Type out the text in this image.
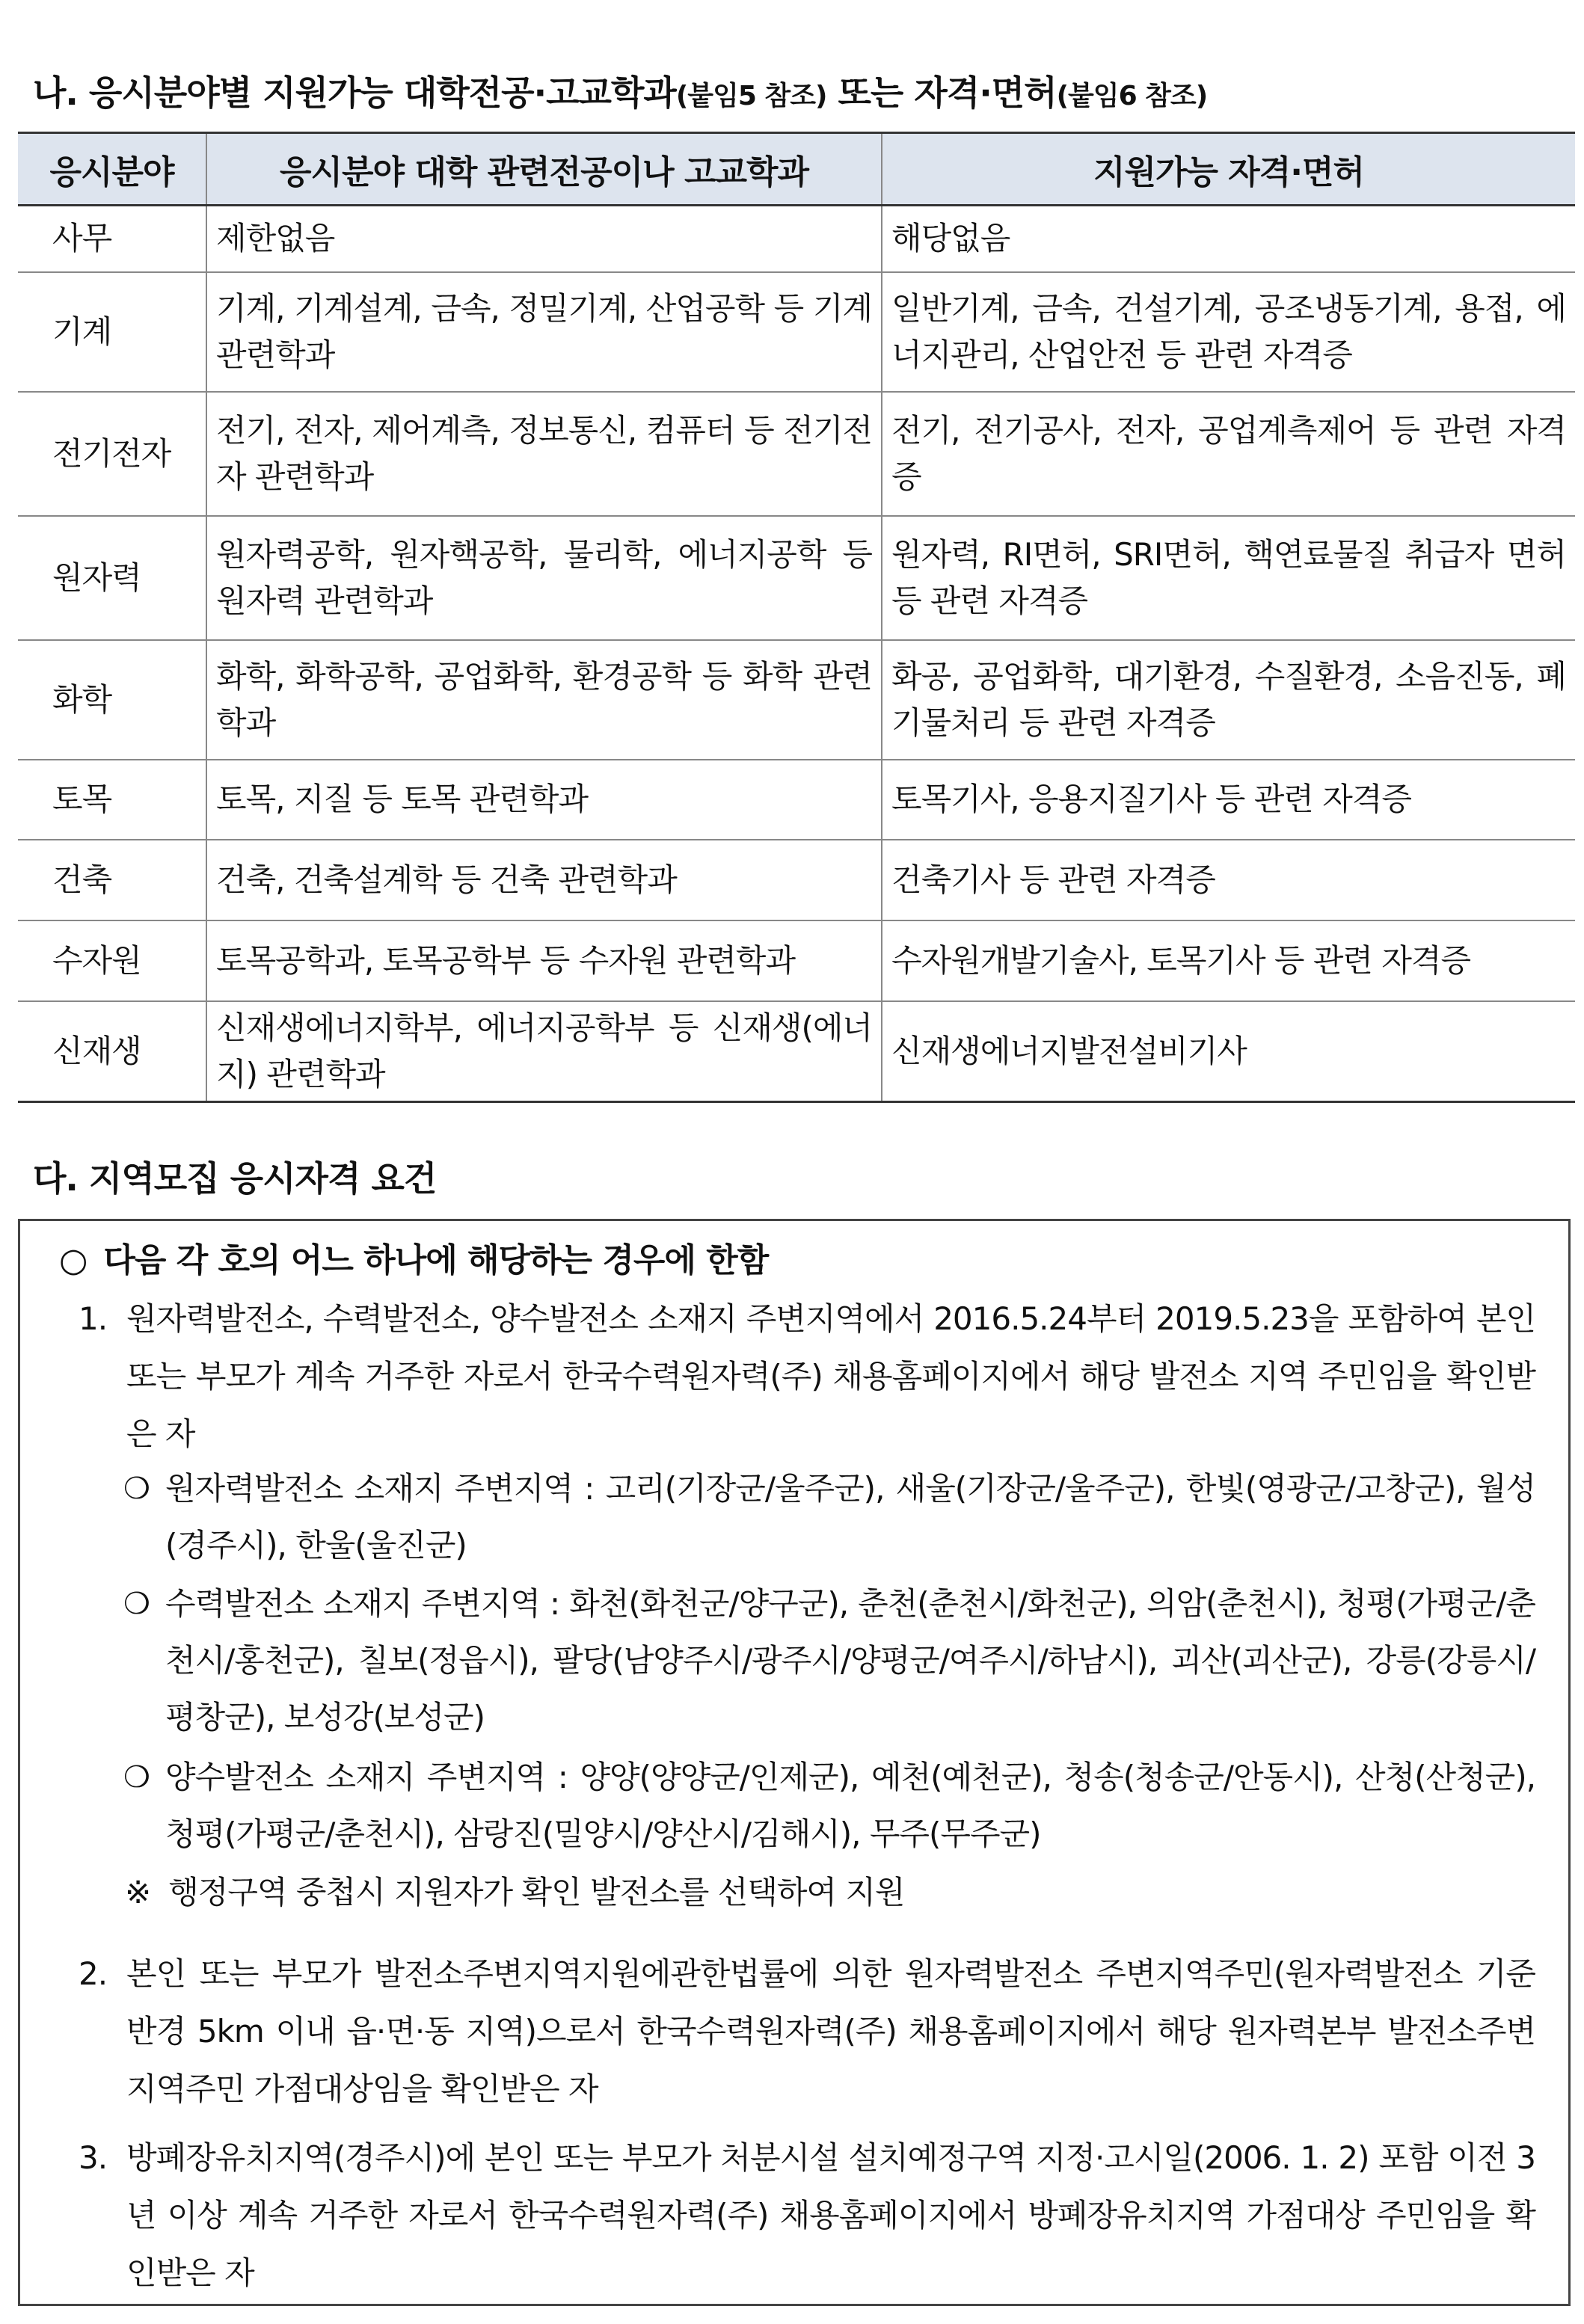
나. 응시분야별 지원가능 대학전공·고교학과(붙임5 참조) 또는 자격·면허(붙임6 참조)
응시분야	응시분야 대학 관련전공이나 고교학과	지원가능 자격·면허
사무	제한없음	해당없음
기계	기계, 기계설계, 금속, 정밀기계, 산업공학 등 기계 관련학과	일반기계, 금속, 건설기계, 공조냉동기계, 용접, 에너지관리, 산업안전 등 관련 자격증
전기전자	전기, 전자, 제어계측, 정보통신, 컴퓨터 등 전기전자 관련학과	전기, 전기공사, 전자, 공업계측제어 등 관련 자격증
원자력	원자력공학, 원자핵공학, 물리학, 에너지공학 등 원자력 관련학과	원자력, RI면허, SRI면허, 핵연료물질 취급자 면허 등 관련 자격증
화학	화학, 화학공학, 공업화학, 환경공학 등 화학 관련학과	화공, 공업화학, 대기환경, 수질환경, 소음진동, 폐기물처리 등 관련 자격증
토목	토목, 지질 등 토목 관련학과	토목기사, 응용지질기사 등 관련 자격증
건축	건축, 건축설계학 등 건축 관련학과	건축기사 등 관련 자격증
수자원	토목공학과, 토목공학부 등 수자원 관련학과	수자원개발기술사, 토목기사 등 관련 자격증
신재생	신재생에너지학부, 에너지공학부 등 신재생(에너지) 관련학과	신재생에너지발전설비기사
다. 지역모집 응시자격 요건
○ 다음 각 호의 어느 하나에 해당하는 경우에 한함
1. 원자력발전소, 수력발전소, 양수발전소 소재지 주변지역에서 2016.5.24부터 2019.5.23을 포함하여 본인 또는 부모가 계속 거주한 자로서 한국수력원자력(주) 채용홈페이지에서 해당 발전소 지역 주민임을 확인받은 자
❍ 원자력발전소 소재지 주변지역 : 고리(기장군/울주군), 새울(기장군/울주군), 한빛(영광군/고창군), 월성(경주시), 한울(울진군)
❍ 수력발전소 소재지 주변지역 : 화천(화천군/양구군), 춘천(춘천시/화천군), 의암(춘천시), 청평(가평군/춘천시/홍천군), 칠보(정읍시), 팔당(남양주시/광주시/양평군/여주시/하남시), 괴산(괴산군), 강릉(강릉시/ 평창군), 보성강(보성군)
❍ 양수발전소 소재지 주변지역 : 양양(양양군/인제군), 예천(예천군), 청송(청송군/안동시), 산청(산청군), 청평(가평군/춘천시), 삼랑진(밀양시/양산시/김해시), 무주(무주군)
※ 행정구역 중첩시 지원자가 확인 발전소를 선택하여 지원
2. 본인 또는 부모가 발전소주변지역지원에관한법률에 의한 원자력발전소 주변지역주민(원자력발전소 기준 반경 5km 이내 읍·면·동 지역)으로서 한국수력원자력(주) 채용홈페이지에서 해당 원자력본부 발전소주변지역주민 가점대상임을 확인받은 자
3. 방폐장유치지역(경주시)에 본인 또는 부모가 처분시설 설치예정구역 지정·고시일(2006. 1. 2) 포함 이전 3년 이상 계속 거주한 자로서 한국수력원자력(주) 채용홈페이지에서 방폐장유치지역 가점대상 주민임을 확인받은 자
